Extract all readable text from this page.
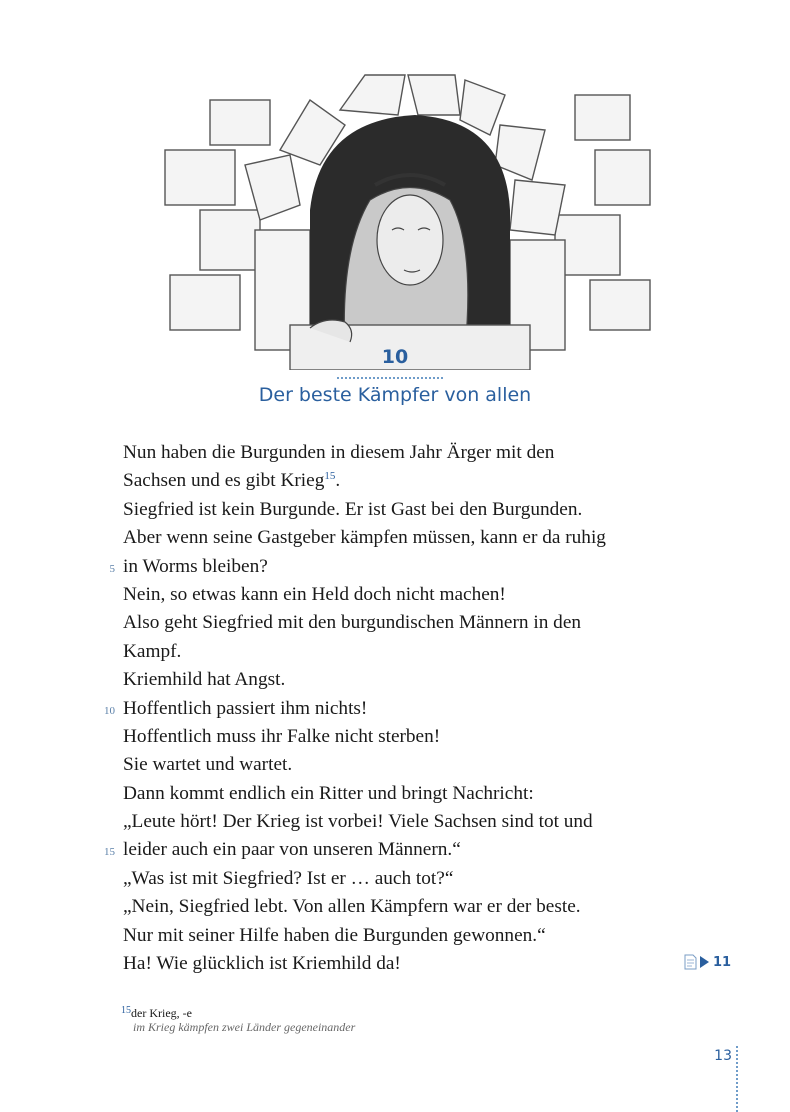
10
Der beste Kämpfer von allen
Nun haben die Burgunden in diesem Jahr Ärger mit den
Sachsen und es gibt Krieg$^{15}$.
Siegfried ist kein Burgunde. Er ist Gast bei den Burgunden.
Aber wenn seine Gastgeber kämpfen müssen, kann er da ruhig
5 in Worms bleiben?
Nein, so etwas kann ein Held doch nicht machen!
Also geht Siegfried mit den burgundischen Männern in den
Kampf.
Kriemhild hat Angst.
10 Hoffentlich passiert ihm nichts!
Hoffentlich muss ihr Falke nicht sterben!
Sie wartet und wartet.
Dann kommt endlich ein Ritter und bringt Nachricht:
„Leute hört! Der Krieg ist vorbei! Viele Sachsen sind tot und
15 leider auch ein paar von unseren Männern.“
„Was ist mit Siegfried? Ist er … auch tot?“
„Nein, Siegfried lebt. Von allen Kämpfern war er der beste.
Nur mit seiner Hilfe haben die Burgunden gewonnen.“
Ha! Wie glücklich ist Kriemhild da!	11
$^{15}$der Krieg, -e
im Krieg kämpfen zwei Länder gegeneinander
13
